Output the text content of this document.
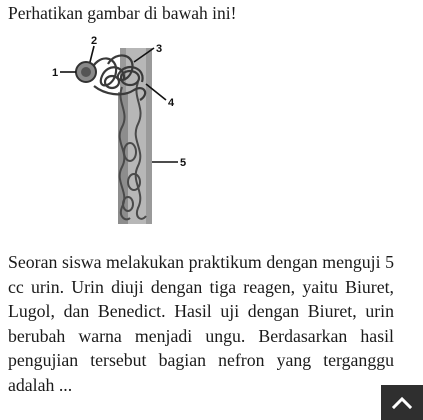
Perhatikan gambar di bawah ini!

1
2
3
4
5

Seoran siswa melakukan praktikum dengan menguji 5 cc urin. Urin diuji dengan tiga reagen, yaitu Biuret, Lugol, dan Benedict. Hasil uji dengan Biuret, urin berubah warna menjadi ungu. Berdasarkan hasil pengujian tersebut bagian nefron yang terganggu adalah ...
